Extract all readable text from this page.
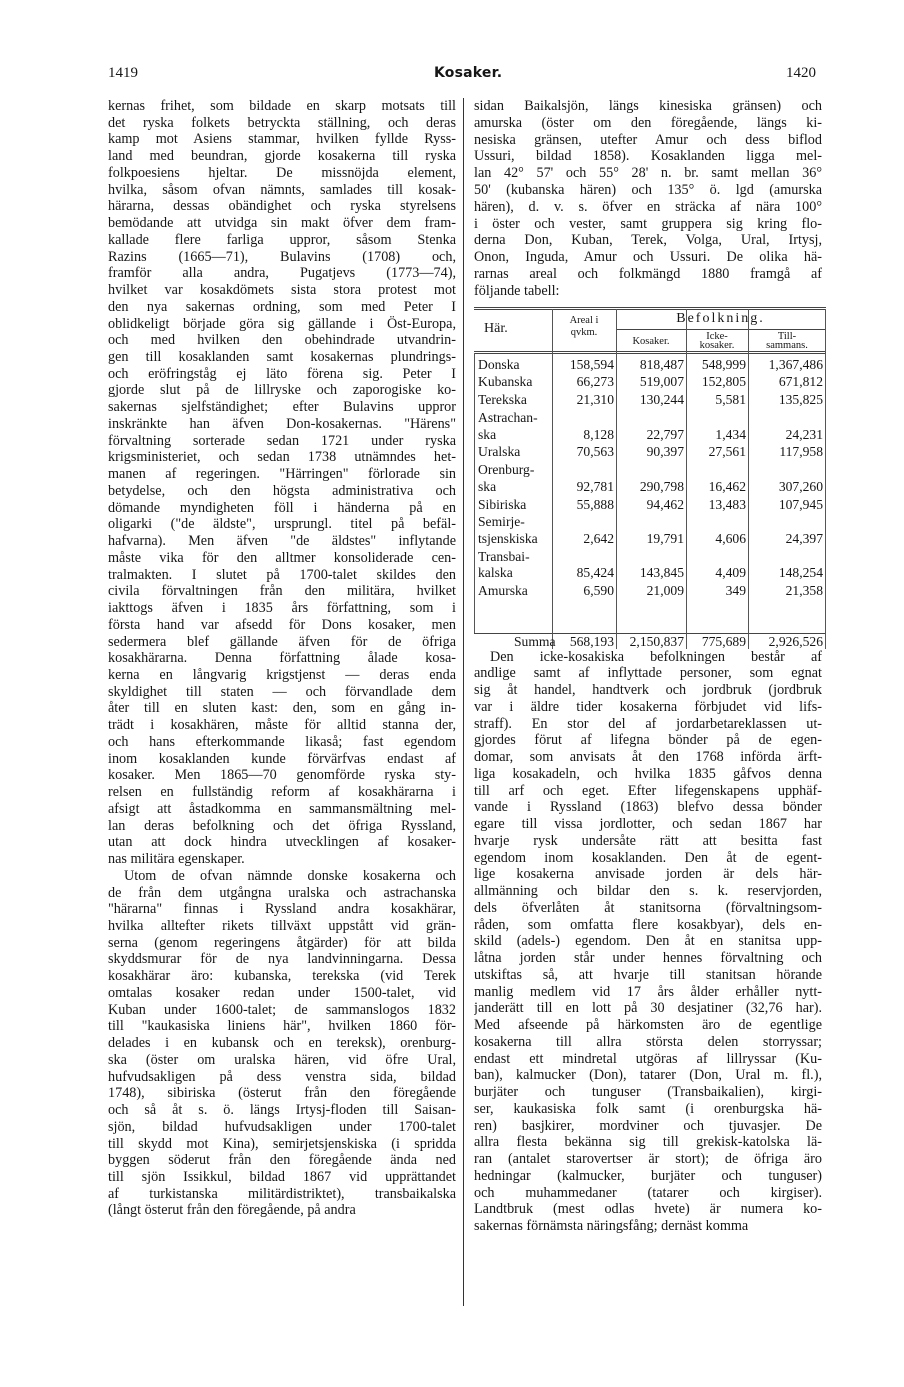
1419	Kosaker.	1420
kernas frihet, som bildade en skarp motsats till
det ryska folkets betryckta ställning, och deras
kamp mot Asiens stammar, hvilken fyllde Ryss-
land med beundran, gjorde kosakerna till ryska
folkpoesiens hjeltar. De missnöjda element,
hvilka, såsom ofvan nämnts, samlades till kosak-
härarna, dessas obändighet och ryska styrelsens
bemödande att utvidga sin makt öfver dem fram-
kallade flere farliga uppror, såsom Stenka
Razins (1665—71), Bulavins (1708) och,
framför alla andra, Pugatjevs (1773—74),
hvilket var kosakdömets sista stora protest mot
den nya sakernas ordning, som med Peter I
oblidkeligt började göra sig gällande i Öst-Europa,
och med hvilken den obehindrade utvandrin-
gen till kosaklanden samt kosakernas plundrings-
och eröfringståg ej läto förena sig. Peter I
gjorde slut på de lillryske och zaporogiske ko-
sakernas sjelfständighet; efter Bulavins uppror
inskränkte han äfven Don-kosakernas. "Härens"
förvaltning sorterade sedan 1721 under ryska
krigsministeriet, och sedan 1738 utnämndes het-
manen af regeringen. "Härringen" förlorade sin
betydelse, och den högsta administrativa och
dömande myndigheten föll i händerna på en
oligarki ("de äldste", ursprungl. titel på befäl-
hafvarna). Men äfven "de äldstes" inflytande
måste vika för den alltmer konsoliderade cen-
tralmakten. I slutet på 1700-talet skildes den
civila förvaltningen från den militära, hvilket
iakttogs äfven i 1835 års författning, som i
första hand var afsedd för Dons kosaker, men
sedermera blef gällande äfven för de öfriga
kosakhärarna. Denna författning ålade kosa-
kerna en långvarig krigstjenst — deras enda
skyldighet till staten — och förvandlade dem
åter till en sluten kast: den, som en gång in-
trädt i kosakhären, måste för alltid stanna der,
och hans efterkommande likaså; fast egendom
inom kosaklanden kunde förvärfvas endast af
kosaker. Men 1865—70 genomförde ryska sty-
relsen en fullständig reform af kosakhärarna i
afsigt att åstadkomma en sammansmältning mel-
lan deras befolkning och det öfriga Ryssland,
utan att dock hindra utvecklingen af kosaker-
nas militära egenskaper.
Utom de ofvan nämnde donske kosakerna och
de från dem utgångna uralska och astrachanska
"härarna" finnas i Ryssland andra kosakhärar,
hvilka alltefter rikets tillväxt uppstått vid grän-
serna (genom regeringens åtgärder) för att bilda
skyddsmurar för de nya landvinningarna. Dessa
kosakhärar äro: kubanska, terekska (vid Terek
omtalas kosaker redan under 1500-talet, vid
Kuban under 1600-talet; de sammanslogos 1832
till "kaukasiska liniens här", hvilken 1860 för-
delades i en kubansk och en tereksk), orenburg-
ska (öster om uralska hären, vid öfre Ural,
hufvudsakligen på dess venstra sida, bildad
1748), sibiriska (österut från den föregående
och så åt s. ö. längs Irtysj-floden till Saisan-
sjön, bildad hufvudsakligen under 1700-talet
till skydd mot Kina), semirjetsjenskiska (i spridda
byggen söderut från den föregående ända ned
till sjön Issikkul, bildad 1867 vid upprättandet
af turkistanska militärdistriktet), transbaikalska
(långt österut från den föregående, på andra
sidan Baikalsjön, längs kinesiska gränsen) och
amurska (öster om den föregående, längs ki-
nesiska gränsen, utefter Amur och dess biflod
Ussuri, bildad 1858). Kosaklanden ligga mel-
lan 42° 57' och 55° 28' n. br. samt mellan 36°
50' (kubanska hären) och 135° ö. lgd (amurska
hären), d. v. s. öfver en sträcka af nära 100°
i öster och vester, samt gruppera sig kring flo-
derna Don, Kuban, Terek, Volga, Ural, Irtysj,
Onon, Inguda, Amur och Ussuri. De olika hä-
rarnas areal och folkmängd 1880 framgå af
följande tabell:
Här.
Areal i
qvkm.
Befolkning.
Kosaker.	Icke-
kosaker.
Till-
sammans.
Donska	158,594	818,487	548,999	1,367,486
Kubanska	66,273	519,007	152,805	671,812
Terekska	21,310	130,244	5,581	135,825
Astrachan-
ska	8,128	22,797	1,434	24,231
Uralska	70,563	90,397	27,561	117,958
Orenburg-
ska	92,781	290,798	16,462	307,260
Sibiriska	55,888	94,462	13,483	107,945
Semirje-
tsjenskiska	2,642	19,791	4,606	24,397
Transbai-
kalska	85,424	143,845	4,409	148,254
Amurska	6,590	21,009	349	21,358
Summa	568,193	2,150,837	775,689	2,926,526
Den icke-kosakiska befolkningen består af
andlige samt af inflyttade personer, som egnat
sig åt handel, handtverk och jordbruk (jordbruk
var i äldre tider kosakerna förbjudet vid lifs-
straff). En stor del af jordarbetareklassen ut-
gjordes förut af lifegna bönder på de egen-
domar, som anvisats åt den 1768 införda ärft-
liga kosakadeln, och hvilka 1835 gåfvos denna
till arf och eget. Efter lifegenskapens upphäf-
vande i Ryssland (1863) blefvo dessa bönder
egare till vissa jordlotter, och sedan 1867 har
hvarje rysk undersåte rätt att besitta fast
egendom inom kosaklanden. Den åt de egent-
lige kosakerna anvisade jorden är dels här-
allmänning och bildar den s. k. reservjorden,
dels öfverlåten åt stanitsorna (förvaltningsom-
råden, som omfatta flere kosakbyar), dels en-
skild (adels-) egendom. Den åt en stanitsa upp-
låtna jorden står under hennes förvaltning och
utskiftas så, att hvarje till stanitsan hörande
manlig medlem vid 17 års ålder erhåller nytt-
janderätt till en lott på 30 desjatiner (32,76 har).
Med afseende på härkomsten äro de egentlige
kosakerna till allra största delen storryssar;
endast ett mindretal utgöras af lillryssar (Ku-
ban), kalmucker (Don), tatarer (Don, Ural m. fl.),
burjäter och tunguser (Transbaikalien), kirgi-
ser, kaukasiska folk samt (i orenburgska hä-
ren) basjkirer, mordviner och tjuvasjer. De
allra flesta bekänna sig till grekisk-katolska lä-
ran (antalet starovertser är stort); de öfriga äro
hedningar (kalmucker, burjäter och tunguser)
och muhammedaner (tatarer och kirgiser).
Landtbruk (mest odlas hvete) är numera ko-
sakernas förnämsta näringsfång; dernäst komma
